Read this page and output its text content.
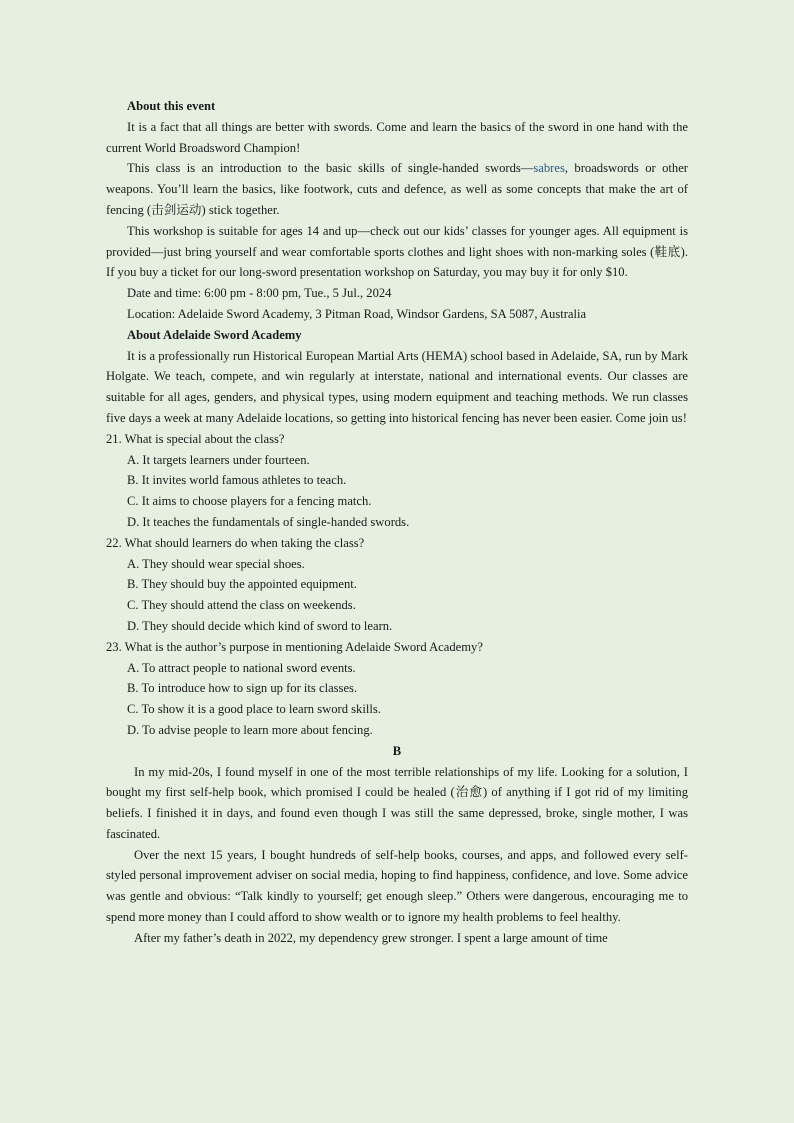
About this event

It is a fact that all things are better with swords. Come and learn the basics of the sword in one hand with the current World Broadsword Champion!

This class is an introduction to the basic skills of single-handed swords—sabres, broadswords or other weapons. You’ll learn the basics, like footwork, cuts and defence, as well as some concepts that make the art of fencing (击剑运动) stick together.

This workshop is suitable for ages 14 and up—check out our kids’ classes for younger ages. All equipment is provided—just bring yourself and wear comfortable sports clothes and light shoes with non-marking soles (鞋底). If you buy a ticket for our long-sword presentation workshop on Saturday, you may buy it for only $10.

Date and time: 6:00 pm - 8:00 pm, Tue., 5 Jul., 2024

Location: Adelaide Sword Academy, 3 Pitman Road, Windsor Gardens, SA 5087, Australia

About Adelaide Sword Academy

It is a professionally run Historical European Martial Arts (HEMA) school based in Adelaide, SA, run by Mark Holgate. We teach, compete, and win regularly at interstate, national and international events. Our classes are suitable for all ages, genders, and physical types, using modern equipment and teaching methods. We run classes five days a week at many Adelaide locations, so getting into historical fencing has never been easier. Come join us!

21. What is special about the class?

A. It targets learners under fourteen.

B. It invites world famous athletes to teach.

C. It aims to choose players for a fencing match.

D. It teaches the fundamentals of single-handed swords.

22. What should learners do when taking the class?

A. They should wear special shoes.

B. They should buy the appointed equipment.

C. They should attend the class on weekends.

D. They should decide which kind of sword to learn.

23. What is the author’s purpose in mentioning Adelaide Sword Academy?

A. To attract people to national sword events.

B. To introduce how to sign up for its classes.

C. To show it is a good place to learn sword skills.

D. To advise people to learn more about fencing.

B

In my mid-20s, I found myself in one of the most terrible relationships of my life. Looking for a solution, I bought my first self-help book, which promised I could be healed (治愈) of anything if I got rid of my limiting beliefs. I finished it in days, and found even though I was still the same depressed, broke, single mother, I was fascinated.

Over the next 15 years, I bought hundreds of self-help books, courses, and apps, and followed every self-styled personal improvement adviser on social media, hoping to find happiness, confidence, and love. Some advice was gentle and obvious: “Talk kindly to yourself; get enough sleep.” Others were dangerous, encouraging me to spend more money than I could afford to show wealth or to ignore my health problems to feel healthy.

After my father’s death in 2022, my dependency grew stronger. I spent a large amount of time
